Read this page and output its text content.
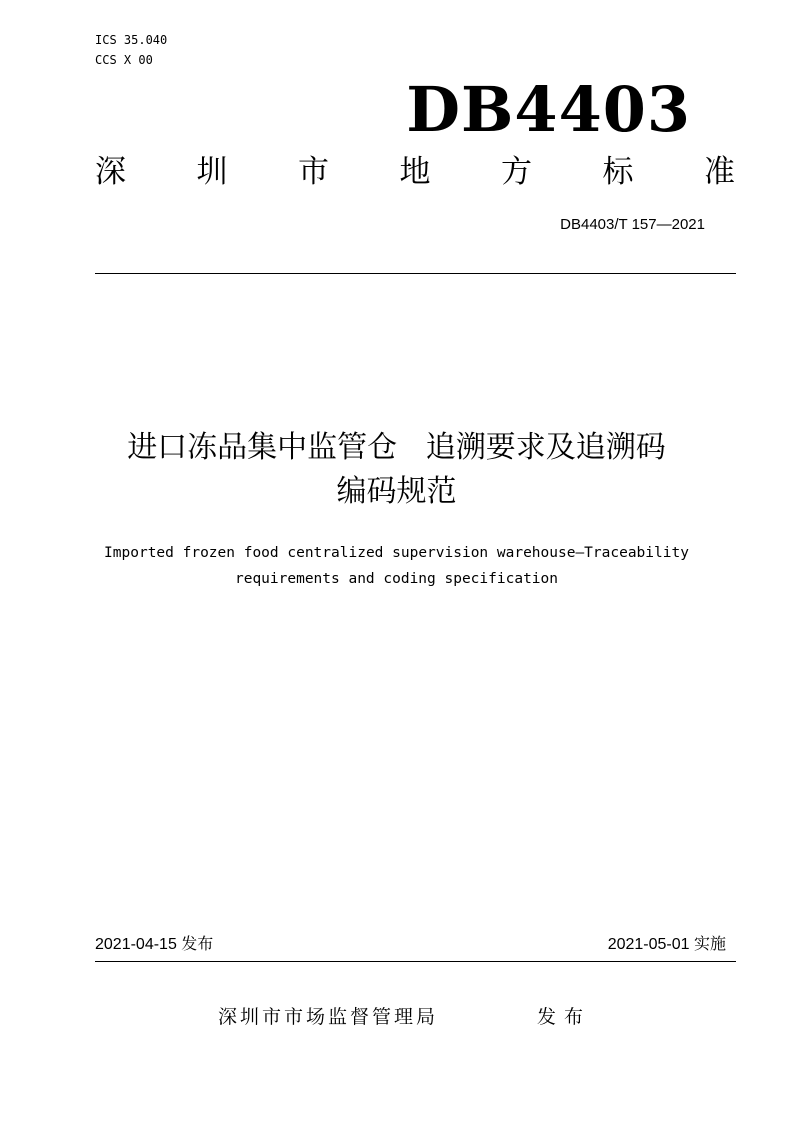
ICS 35.040
CCS X 00
DB4403
深 圳 市 地 方 标 准
DB4403/T 157—2021
进口冻品集中监管仓   追溯要求及追溯码
编码规范
Imported frozen food centralized supervision warehouse—Traceability
requirements and coding specification
2021-04-15 发布	2021-05-01 实施
深圳市市场监督管理局	发布
